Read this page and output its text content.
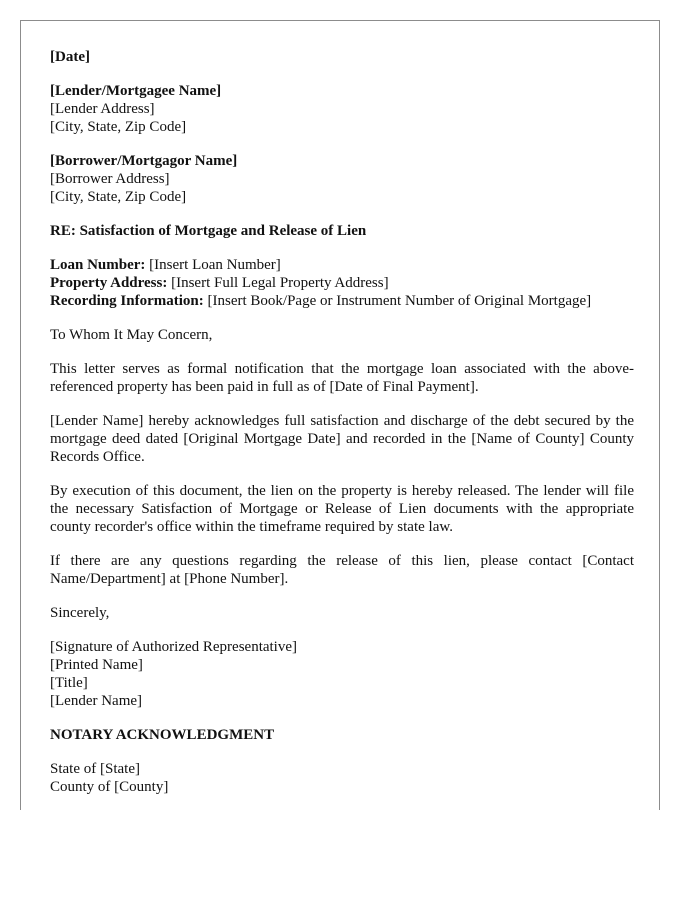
[Date]
[Lender/Mortgagee Name]
[Lender Address]
[City, State, Zip Code]
[Borrower/Mortgagor Name]
[Borrower Address]
[City, State, Zip Code]
RE: Satisfaction of Mortgage and Release of Lien
Loan Number: [Insert Loan Number]
Property Address: [Insert Full Legal Property Address]
Recording Information: [Insert Book/Page or Instrument Number of Original Mortgage]
To Whom It May Concern,

This letter serves as formal notification that the mortgage loan associated with the above-referenced property has been paid in full as of [Date of Final Payment].

[Lender Name] hereby acknowledges full satisfaction and discharge of the debt secured by the mortgage deed dated [Original Mortgage Date] and recorded in the [Name of County] County Records Office.

By execution of this document, the lien on the property is hereby released. The lender will file the necessary Satisfaction of Mortgage or Release of Lien documents with the appropriate county recorder's office within the timeframe required by state law.

If there are any questions regarding the release of this lien, please contact [Contact Name/Department] at [Phone Number].

Sincerely,
[Signature of Authorized Representative]
[Printed Name]
[Title]
[Lender Name]
NOTARY ACKNOWLEDGMENT
State of [State]
County of [County]
